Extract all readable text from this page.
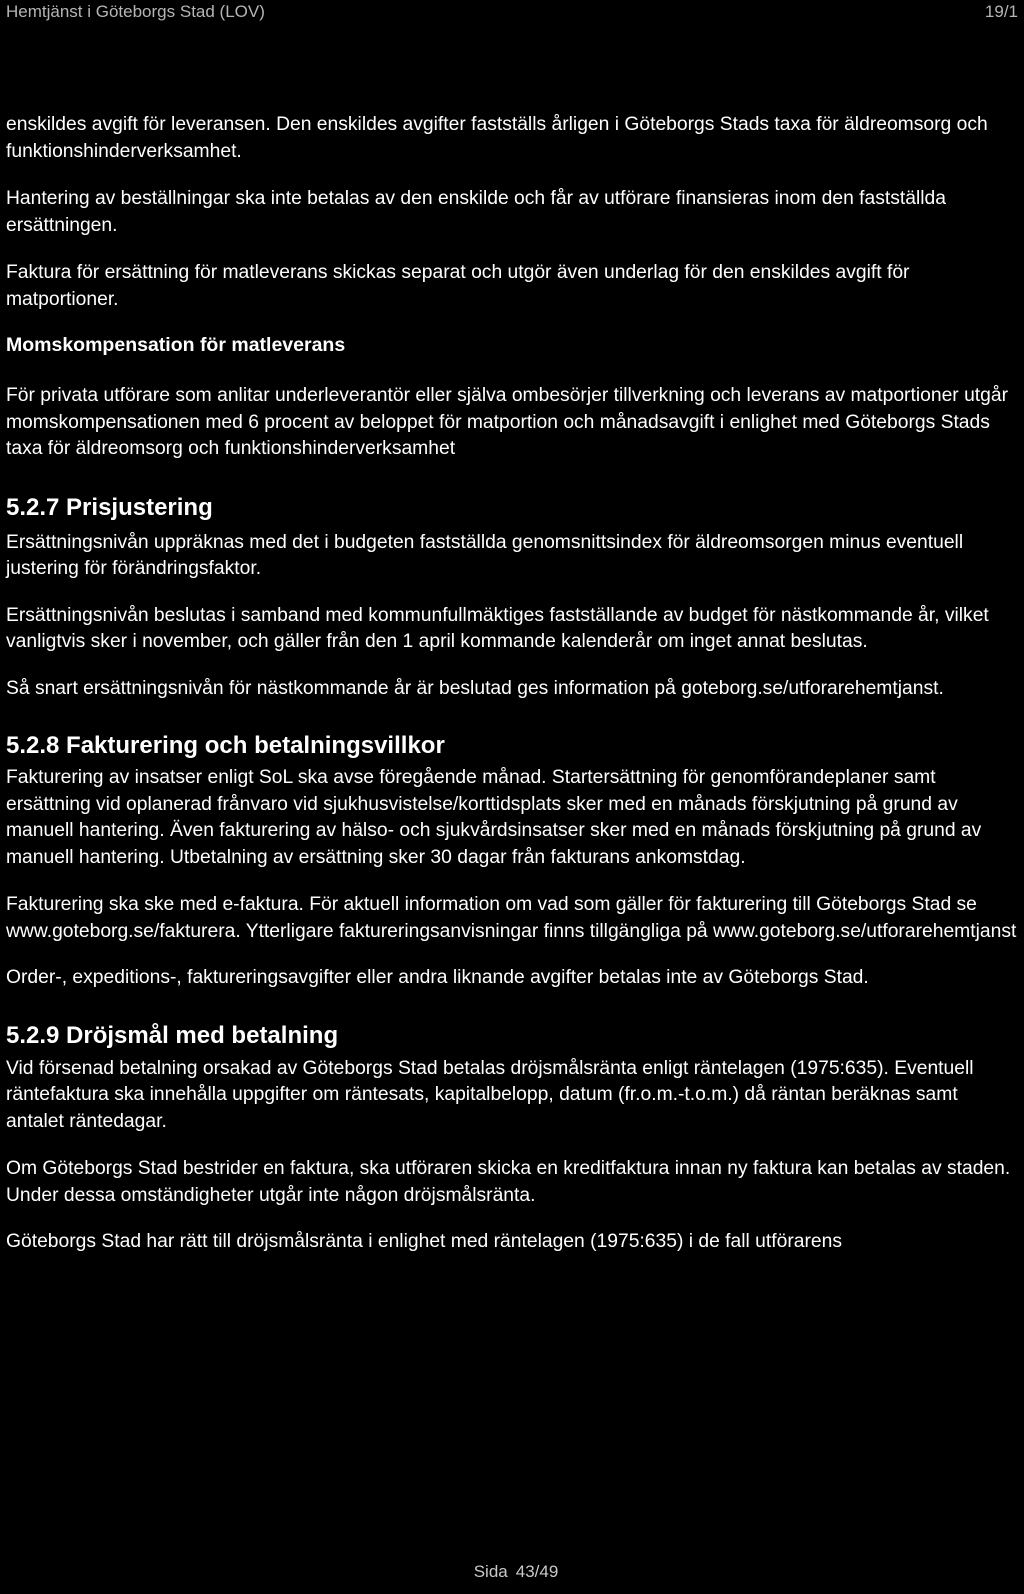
Hemtjänst i Göteborgs Stad (LOV)	19/1

enskildes avgift för leveransen. Den enskildes avgifter fastställs årligen i Göteborgs Stads taxa för äldreomsorg och funktionshinderverksamhet.

Hantering av beställningar ska inte betalas av den enskilde och får av utförare finansieras inom den fastställda ersättningen.

Faktura för ersättning för matleverans skickas separat och utgör även underlag för den enskildes avgift för matportioner.

Momskompensation för matleverans

För privata utförare som anlitar underleverantör eller själva ombesörjer tillverkning och leverans av matportioner utgår momskompensationen med 6 procent av beloppet för matportion och månadsavgift i enlighet med Göteborgs Stads taxa för äldreomsorg och funktionshinderverksamhet

5.2.7 Prisjustering

Ersättningsnivån uppräknas med det i budgeten fastställda genomsnittsindex för äldreomsorgen minus eventuell justering för förändringsfaktor.

Ersättningsnivån beslutas i samband med kommunfullmäktiges fastställande av budget för nästkommande år, vilket vanligtvis sker i november, och gäller från den 1 april kommande kalenderår om inget annat beslutas.

Så snart ersättningsnivån för nästkommande år är beslutad ges information på goteborg.se/utforarehemtjanst.

5.2.8 Fakturering och betalningsvillkor

Fakturering av insatser enligt SoL ska avse föregående månad. Startersättning för genomförandeplaner samt ersättning vid oplanerad frånvaro vid sjukhusvistelse/korttidsplats sker med en månads förskjutning på grund av manuell hantering. Även fakturering av hälso- och sjukvårdsinsatser sker med en månads förskjutning på grund av manuell hantering. Utbetalning av ersättning sker 30 dagar från fakturans ankomstdag.

Fakturering ska ske med e-faktura. För aktuell information om vad som gäller för fakturering till Göteborgs Stad se www.goteborg.se/fakturera. Ytterligare faktureringsanvisningar finns tillgängliga på www.goteborg.se/utforarehemtjanst

Order-, expeditions-, faktureringsavgifter eller andra liknande avgifter betalas inte av Göteborgs Stad.

5.2.9 Dröjsmål med betalning

Vid försenad betalning orsakad av Göteborgs Stad betalas dröjsmålsränta enligt räntelagen (1975:635). Eventuell räntefaktura ska innehålla uppgifter om räntesats, kapitalbelopp, datum (fr.o.m.-t.o.m.) då räntan beräknas samt antalet räntedagar.

Om Göteborgs Stad bestrider en faktura, ska utföraren skicka en kreditfaktura innan ny faktura kan betalas av staden. Under dessa omständigheter utgår inte någon dröjsmålsränta.

Göteborgs Stad har rätt till dröjsmålsränta i enlighet med räntelagen (1975:635) i de fall utförarens

Sida 43/49
